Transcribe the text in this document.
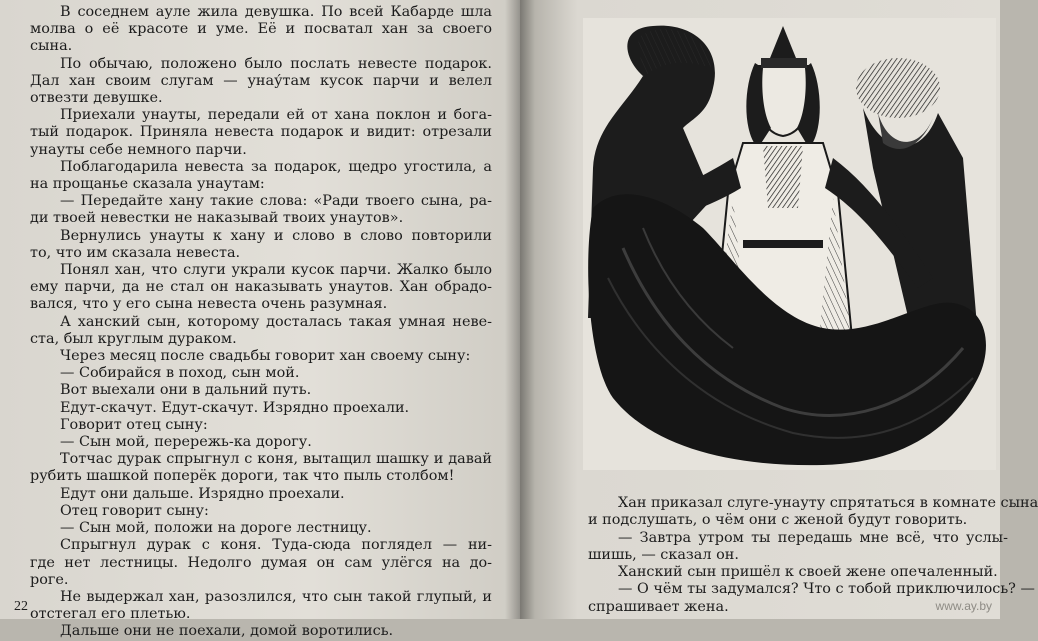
В соседнем ауле жила девушка. По всей Кабарде шла
молва о её красоте и уме. Её и посватал хан за своего
сына.
По обычаю, положено было послать невесте подарок.
Дал хан своим слугам — унау́там кусок парчи и велел
отвезти девушке.
Приехали унауты, передали ей от хана поклон и бога-
тый подарок. Приняла невеста подарок и видит: отрезали
унауты себе немного парчи.
Поблагодарила невеста за подарок, щедро угостила, а
на прощанье сказала унаутам:
— Передайте хану такие слова: «Ради твоего сына, ра-
ди твоей невестки не наказывай твоих унаутов».
Вернулись унауты к хану и слово в слово повторили
то, что им сказала невеста.
Понял хан, что слуги украли кусок парчи. Жалко было
ему парчи, да не стал он наказывать унаутов. Хан обрадо-
вался, что у его сына невеста очень разумная.
А ханский сын, которому досталась такая умная неве-
ста, был круглым дураком.
Через месяц после свадьбы говорит хан своему сыну:
— Собирайся в поход, сын мой.
Вот выехали они в дальний путь.
Едут-скачут. Едут-скачут. Изрядно проехали.
Говорит отец сыну:
— Сын мой, перережь-ка дорогу.
Тотчас дурак спрыгнул с коня, вытащил шашку и давай
рубить шашкой поперёк дороги, так что пыль столбом!
Едут они дальше. Изрядно проехали.
Отец говорит сыну:
— Сын мой, положи на дороге лестницу.
Спрыгнул дурак с коня. Туда-сюда поглядел — ни-
где нет лестницы. Недолго думая он сам улёгся на до-
роге.
Не выдержал хан, разозлился, что сын такой глупый, и
отстегал его плетью.
Дальше они не поехали, домой воротились.
22
Хан приказал слуге-унауту спрятаться в комнате сына
и подслушать, о чём они с женой будут говорить.
— Завтра утром ты передашь мне всё, что услы-
шишь, — сказал он.
Ханский сын пришёл к своей жене опечаленный.
— О чём ты задумался? Что с тобой приключилось? —
спрашивает жена.	www.ay.by
